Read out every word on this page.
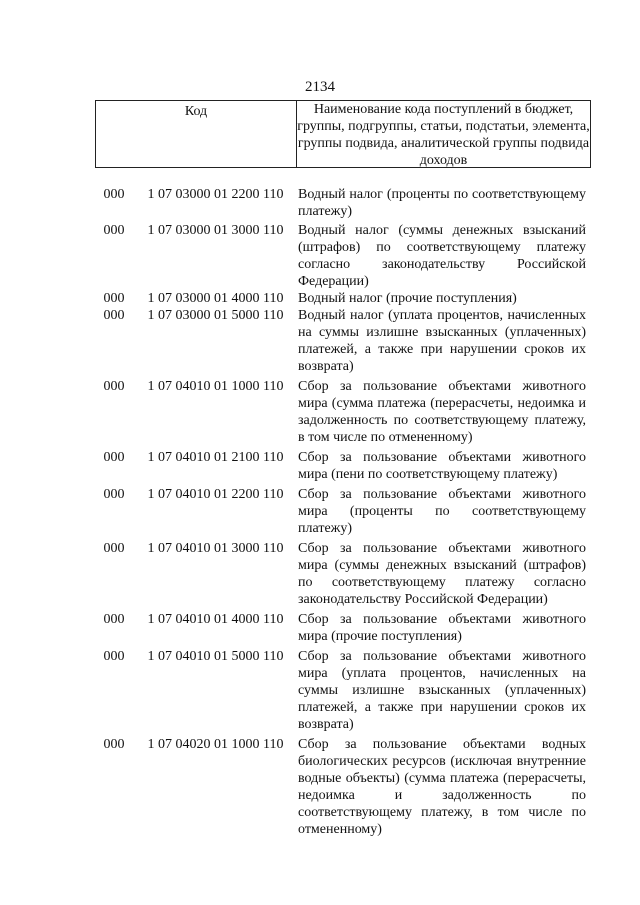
2134
Код	Наименование кода поступлений в бюджет, группы, подгруппы, статьи, подстатьи, элемента, группы подвида, аналитической группы подвида доходов
000	1 07 03000 01 2200 110	Водный налог (проценты по соответствующему платежу)
000	1 07 03000 01 3000 110	Водный налог (суммы денежных взысканий (штрафов) по соответствующему платежу согласно законодательству Российской Федерации)
000	1 07 03000 01 4000 110	Водный налог (прочие поступления)
000	1 07 03000 01 5000 110	Водный налог (уплата процентов, начисленных на суммы излишне взысканных (уплаченных) платежей, а также при нарушении сроков их возврата)
000	1 07 04010 01 1000 110	Сбор за пользование объектами животного мира (сумма платежа (перерасчеты, недоимка и задолженность по соответствующему платежу, в том числе по отмененному)
000	1 07 04010 01 2100 110	Сбор за пользование объектами животного мира (пени по соответствующему платежу)
000	1 07 04010 01 2200 110	Сбор за пользование объектами животного мира (проценты по соответствующему платежу)
000	1 07 04010 01 3000 110	Сбор за пользование объектами животного мира (суммы денежных взысканий (штрафов) по соответствующему платежу согласно законодательству Российской Федерации)
000	1 07 04010 01 4000 110	Сбор за пользование объектами животного мира (прочие поступления)
000	1 07 04010 01 5000 110	Сбор за пользование объектами животного мира (уплата процентов, начисленных на суммы излишне взысканных (уплаченных) платежей, а также при нарушении сроков их возврата)
000	1 07 04020 01 1000 110	Сбор за пользование объектами водных биологических ресурсов (исключая внутренние водные объекты) (сумма платежа (перерасчеты, недоимка и задолженность по соответствующему платежу, в том числе по отмененному)
